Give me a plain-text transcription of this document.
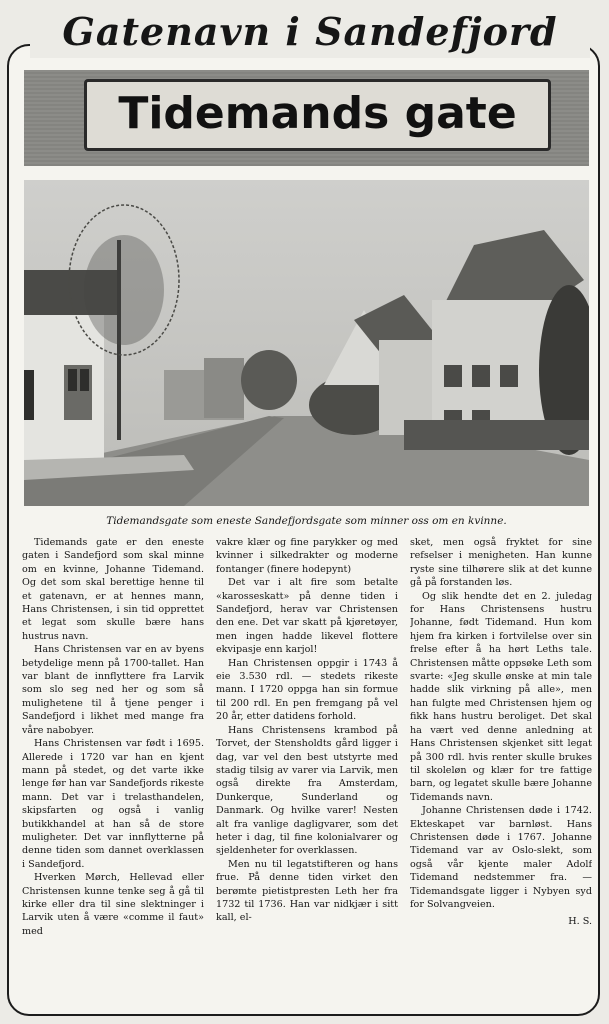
Gatenavn i Sandefjord
Tidemands gate
Tidemandsgate som eneste Sandefjordsgate som minner oss om en kvinne.

Tidemands gate er den eneste gaten i Sandefjord som skal minne om en kvinne, Johanne Tidemand. Og det som skal berettige henne til et gatenavn, er at hennes mann, Hans Christensen, i sin tid opprettet et legat som skulle bære hans hustrus navn.

Hans Christensen var en av byens betydelige menn på 1700-tallet. Han var blant de innflyttere fra Larvik som slo seg ned her og som så mulighetene til å tjene penger i Sandefjord i likhet med mange fra våre nabobyer.

Hans Christensen var født i 1695. Allerede i 1720 var han en kjent mann på stedet, og det varte ikke lenge før han var Sandefjords rikeste mann. Det var i trelasthandelen, skipsfarten og også i vanlig butikkhandel at han så de store muligheter. Det var innflytterne på denne tiden som dannet overklassen i Sandefjord.

Hverken Mørch, Hellevad eller Christensen kunne tenke seg å gå til kirke eller dra til sine slektninger i Larvik uten å være «comme il faut» med

vakre klær og fine parykker og med kvinner i silkedrakter og moderne fontanger (finere hodepynt)

Det var i alt fire som betalte «karosseskatt» på denne tiden i Sandefjord, herav var Christensen den ene. Det var skatt på kjøretøyer, men ingen hadde likevel flottere ekvipasje enn karjol!

Han Christensen oppgir i 1743 å eie 3.530 rdl. — stedets rikeste mann. I 1720 oppga han sin formue til 200 rdl. En pen fremgang på vel 20 år, etter datidens forhold.

Hans Christensens krambod på Torvet, der Stensholdts gård ligger i dag, var vel den best utstyrte med stadig tilsig av varer via Larvik, men også direkte fra Amsterdam, Dunkerque, Sunderland og Danmark. Og hvilke varer! Nesten alt fra vanlige dagligvarer, som det heter i dag, til fine kolonialvarer og sjeldenheter for overklassen.

Men nu til legatstifteren og hans frue. På denne tiden virket den berømte pietistpresten Leth her fra 1732 til 1736. Han var nidkjær i sitt kall, el-

sket, men også fryktet for sine refselser i menigheten. Han kunne ryste sine tilhørere slik at det kunne gå på forstanden løs.

Og slik hendte det en 2. juledag for Hans Christensens hustru Johanne, født Tidemand. Hun kom hjem fra kirken i fortvilelse over sin frelse efter å ha hørt Leths tale. Christensen måtte oppsøke Leth som svarte: «Jeg skulle ønske at min tale hadde slik virkning på alle», men han fulgte med Christensen hjem og fikk hans hustru beroliget. Det skal ha vært ved denne anledning at Hans Christensen skjenket sitt legat på 300 rdl. hvis renter skulle brukes til skoleløn og klær for tre fattige barn, og legatet skulle bære Johanne Tidemands navn.

Johanne Christensen døde i 1742. Ekteskapet var barnløst. Hans Christensen døde i 1767. Johanne Tidemand var av Oslo-slekt, som også vår kjente maler Adolf Tidemand nedstemmer fra. — Tidemandsgate ligger i Nybyen syd for Solvangveien.

H. S.
